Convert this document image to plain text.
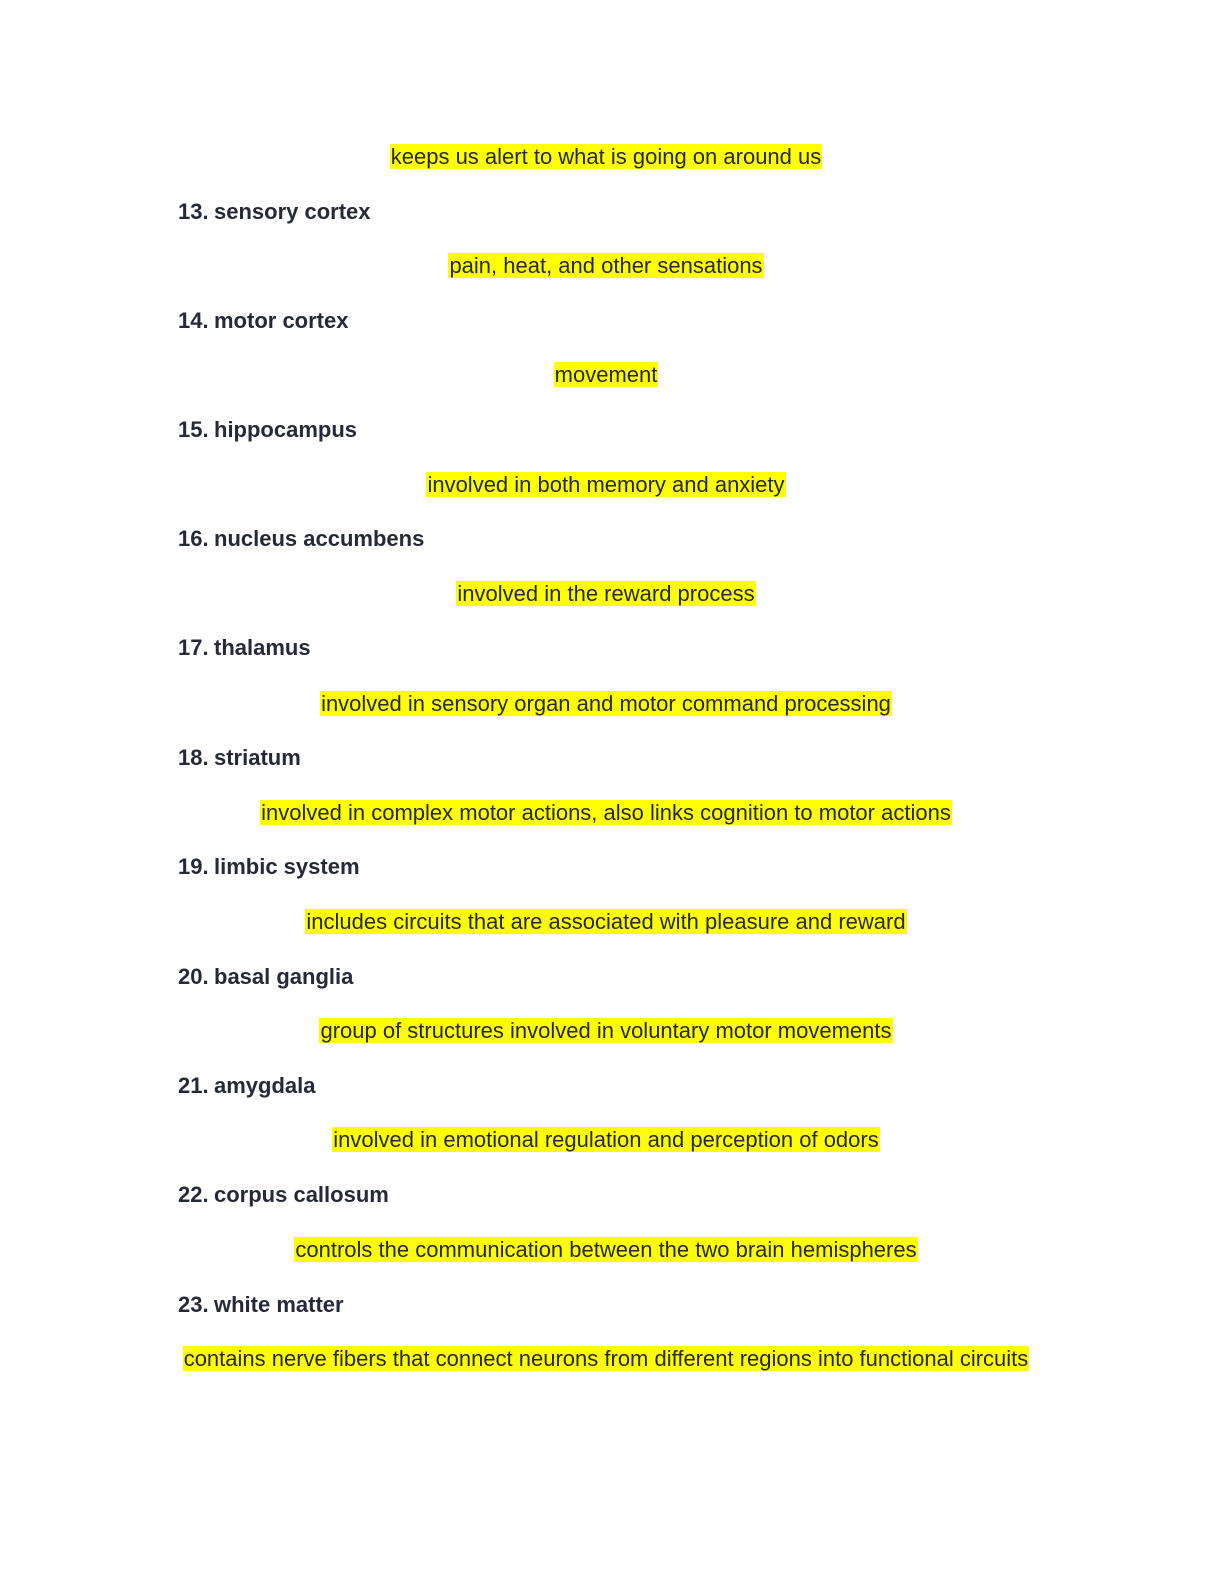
keeps us alert to what is going on around us
13. sensory cortex
pain, heat, and other sensations
14. motor cortex
movement
15. hippocampus
involved in both memory and anxiety
16. nucleus accumbens
involved in the reward process
17. thalamus
involved in sensory organ and motor command processing
18. striatum
involved in complex motor actions, also links cognition to motor actions
19. limbic system
includes circuits that are associated with pleasure and reward
20. basal ganglia
group of structures involved in voluntary motor movements
21. amygdala
involved in emotional regulation and perception of odors
22. corpus callosum
controls the communication between the two brain hemispheres
23. white matter
contains nerve fibers that connect neurons from different regions into functional circuits
